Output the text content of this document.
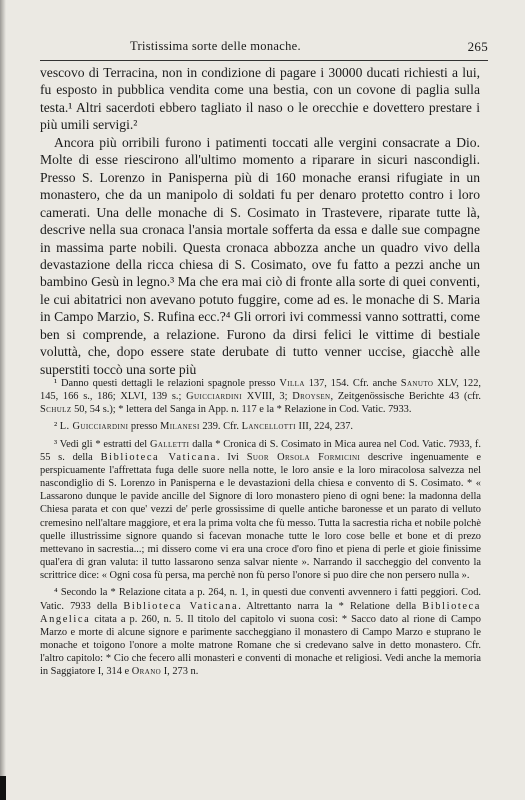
Tristissima sorte delle monache.	265

vescovo di Terracina, non in condizione di pagare i 30000 ducati richiesti a lui, fu esposto in pubblica vendita come una bestia, con un covone di paglia sulla testa.¹ Altri sacerdoti ebbero tagliato il naso o le orecchie e dovettero prestare i più umili servigi.²

Ancora più orribili furono i patimenti toccati alle vergini consacrate a Dio. Molte di esse riescirono all'ultimo momento a riparare in sicuri nascondigli. Presso S. Lorenzo in Panisperna più di 160 monache eransi rifugiate in un monastero, che da un manipolo di soldati fu per denaro protetto contro i loro camerati. Una delle monache di S. Cosimato in Trastevere, riparate tutte là, descrive nella sua cronaca l'ansia mortale sofferta da essa e dalle sue compagne in massima parte nobili. Questa cronaca abbozza anche un quadro vivo della devastazione della ricca chiesa di S. Cosimato, ove fu fatto a pezzi anche un bambino Gesù in legno.³ Ma che era mai ciò di fronte alla sorte di quei conventi, le cui abitatrici non avevano potuto fuggire, come ad es. le monache di S. Maria in Campo Marzio, S. Rufina ecc.?⁴ Gli orrori ivi commessi vanno sottratti, come ben si comprende, a relazione. Furono da dirsi felici le vittime di bestiale voluttà, che, dopo essere state derubate di tutto venner uccise, giacchè alle superstiti toccò una sorte più

¹ Danno questi dettagli le relazioni spagnole presso Villa 137, 154. Cfr. anche Sanuto XLV, 122, 145, 166 s., 186; XLVI, 139 s.; Guicciardini XVIII, 3; Droysen, Zeitgenössische Berichte 43 (cfr. Schulz 50, 54 s.); * lettera del Sanga in App. n. 117 e la * Relazione in Cod. Vatic. 7933.

² L. Guicciardini presso Milanesi 239. Cfr. Lancellotti III, 224, 237.

³ Vedi gli * estratti del Galletti dalla * Cronica di S. Cosimato in Mica aurea nel Cod. Vatic. 7933, f. 55 s. della Biblioteca Vaticana. Ivi Suor Orsola Formicini descrive ingenuamente e perspicuamente l'affrettata fuga delle suore nella notte, le loro ansie e la loro miracolosa salvezza nel nascondiglio di S. Lorenzo in Panisperna e le devastazioni della chiesa e convento di S. Cosimato. * « Lassarono dunque le pavide ancille del Signore di loro monastero pieno di ogni bene: la madonna della Chiesa parata et con que' vezzi de' perle grossissime di quelle antiche baronesse et un parato di velluto cremesino nell'altare maggiore, et era la prima volta che fù messo. Tutta la sacrestia richa et nobile polchè quelle illustrissime signore quando si facevan monache tutte le loro cose belle et bone et di prezo mettevano in sacrestia...; mi dissero come vi era una croce d'oro fino et piena di perle et gioie finissime qual'era di gran valuta: il tutto lassarono senza salvar niente ». Narrando il saccheggio del convento la scrittrice dice: « Ogni cosa fù persa, ma perchè non fù perso l'onore si puo dire che non persero nulla ».

⁴ Secondo la * Relazione citata a p. 264, n. 1, in questi due conventi avvennero i fatti peggiori. Cod. Vatic. 7933 della Biblioteca Vaticana. Altrettanto narra la * Relatione della Biblioteca Angelica citata a p. 260, n. 5. Il titolo del capitolo vi suona così: * Sacco dato al rione di Campo Marzo e morte di alcune signore e parimente saccheggiano il monastero di Campo Marzo e stuprano le monache et toigono l'onore a molte matrone Romane che si credevano salve in detto monastero. Cfr. l'altro capitolo: * Cio che fecero alli monasteri e conventi di monache et religiosi. Vedi anche la memoria in Saggiatore I, 314 e Orano I, 273 n.
